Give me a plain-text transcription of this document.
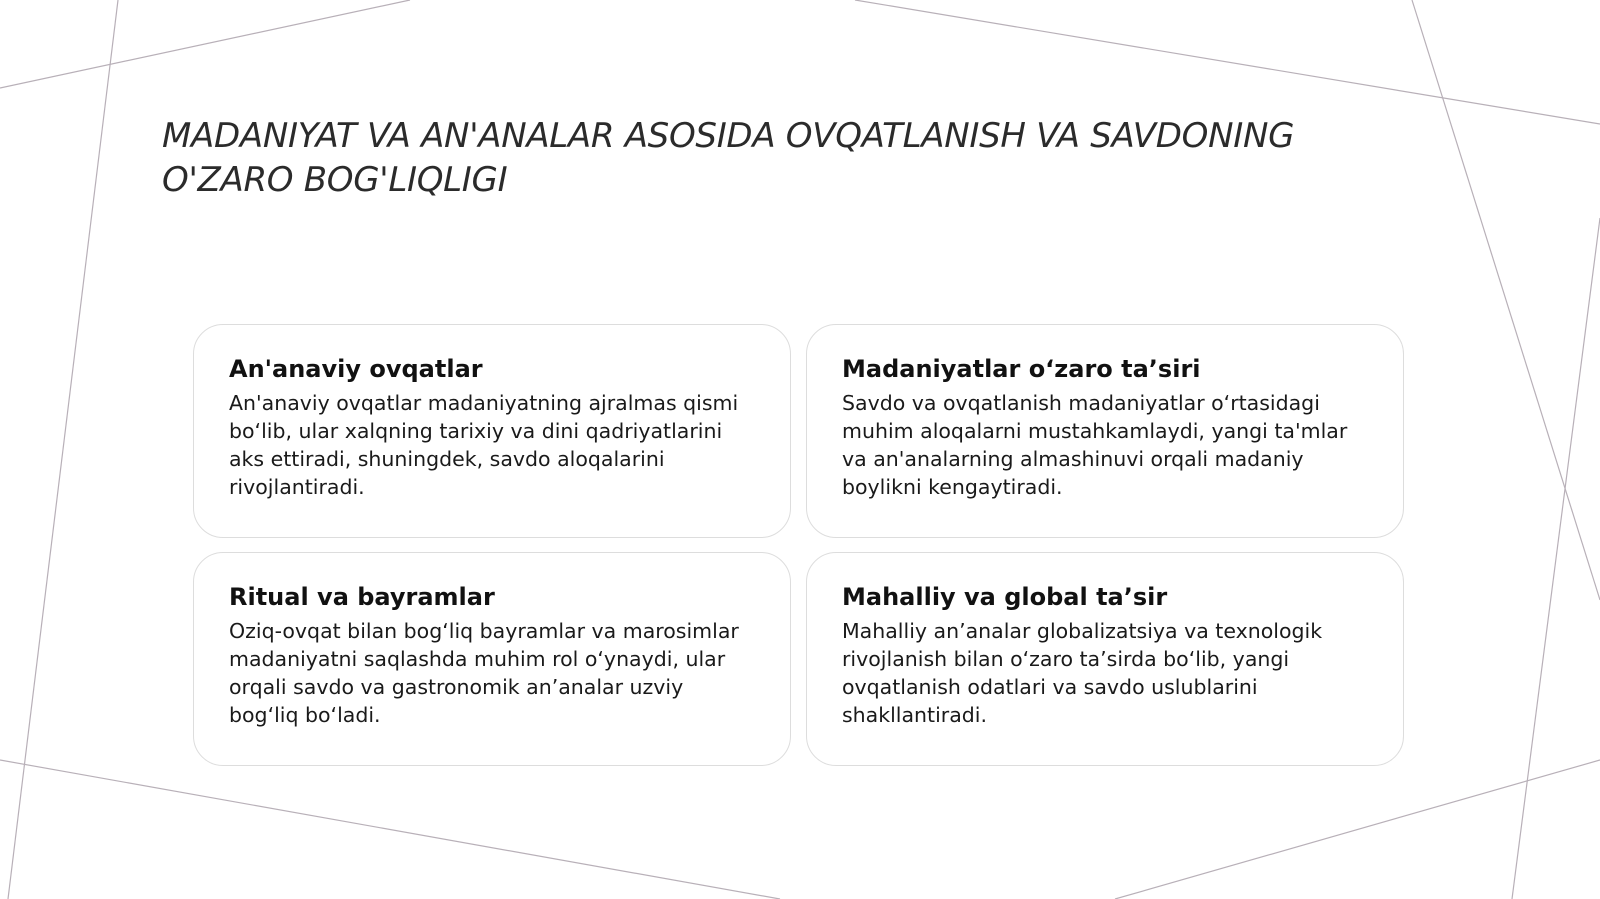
MADANIYAT VA AN'ANALAR ASOSIDA OVQATLANISH VA SAVDONING
O'ZARO BOG'LIQLIGI
An'anaviy ovqatlar

An'anaviy ovqatlar madaniyatning ajralmas qismi bo‘lib, ular xalqning tarixiy va dini qadriyatlarini aks ettiradi, shuningdek, savdo aloqalarini rivojlantiradi.

Madaniyatlar o‘zaro ta’siri

Savdo va ovqatlanish madaniyatlar o‘rtasidagi muhim aloqalarni mustahkamlaydi, yangi ta'mlar va an'analarning almashinuvi orqali madaniy boylikni kengaytiradi.

Ritual va bayramlar

Oziq-ovqat bilan bog‘liq bayramlar va marosimlar madaniyatni saqlashda muhim rol o‘ynaydi, ular orqali savdo va gastronomik an’analar uzviy bog‘liq bo‘ladi.

Mahalliy va global ta’sir

Mahalliy an’analar globalizatsiya va texnologik rivojlanish bilan o‘zaro ta’sirda bo‘lib, yangi ovqatlanish odatlari va savdo uslublarini shakllantiradi.
